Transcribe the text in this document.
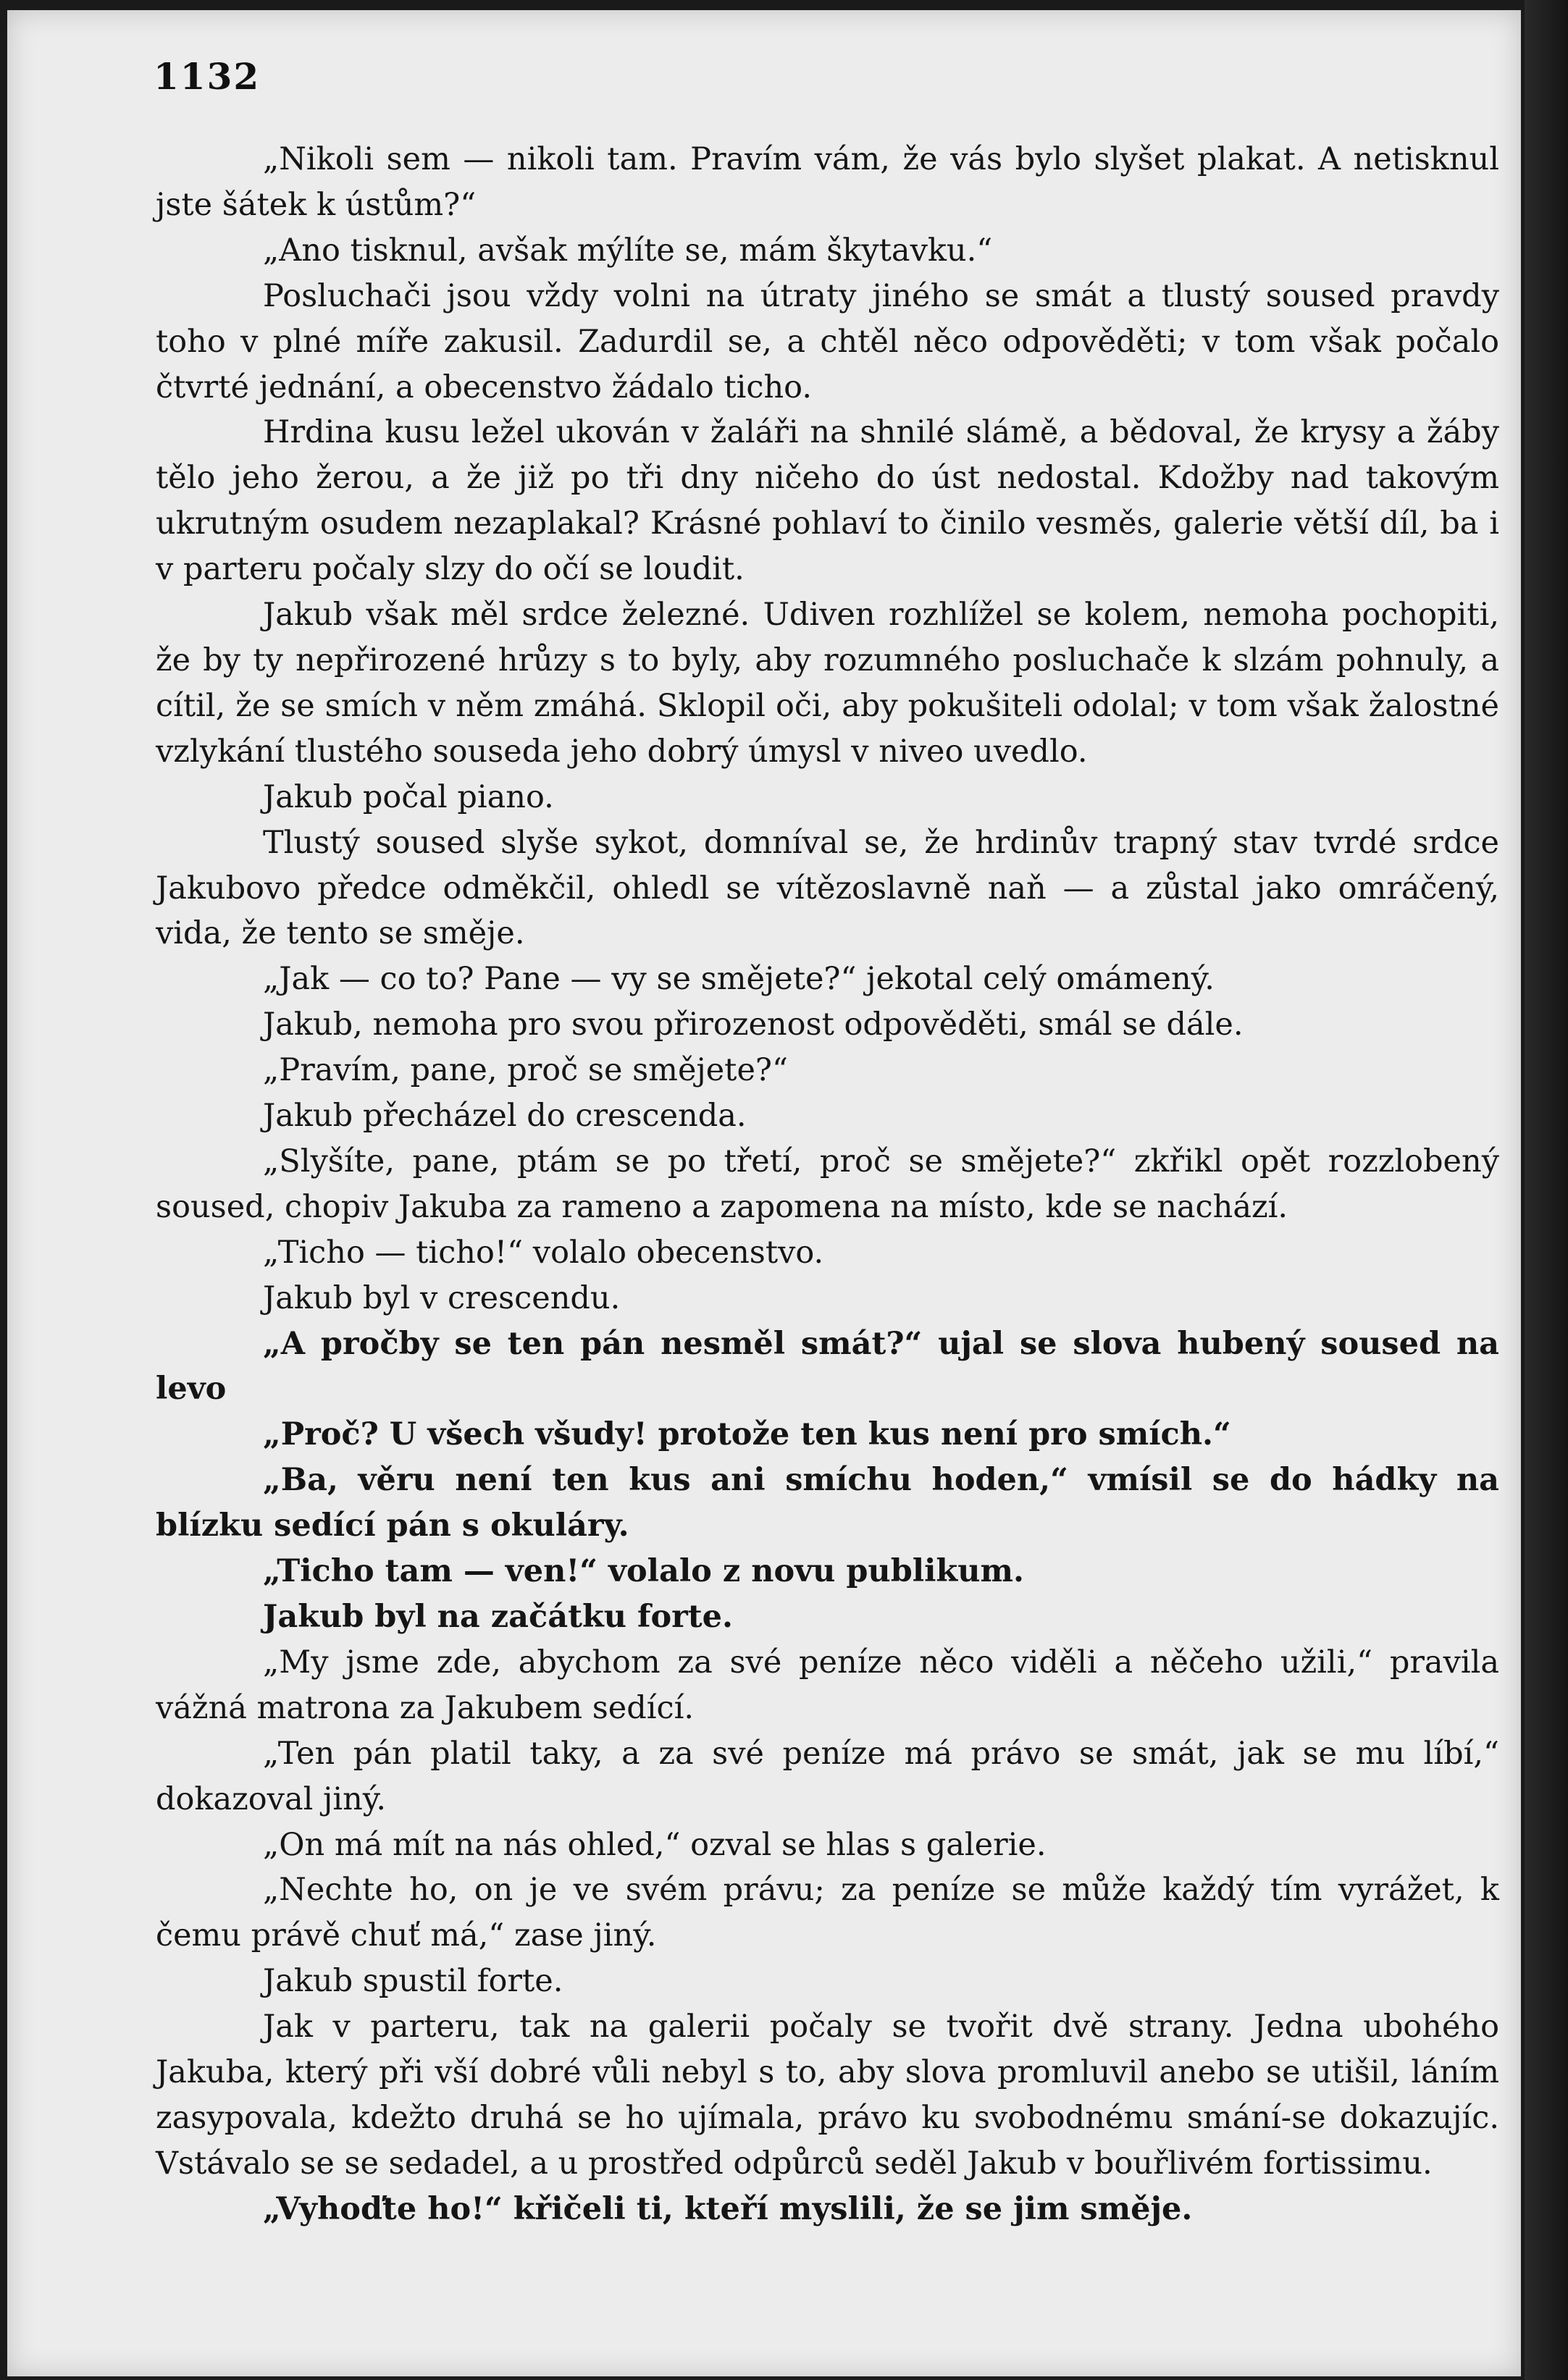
1132

„Nikoli sem — nikoli tam. Pravím vám, že vás bylo slyšet plakat. A netisknul jste šátek k ústům?“

„Ano tisknul, avšak mýlíte se, mám škytavku.“

Posluchači jsou vždy volni na útraty jiného se smát a tlustý soused pravdy toho v plné míře zakusil. Zadurdil se, a chtěl něco odpověděti; v tom však počalo čtvrté jednání, a obecenstvo žádalo ticho.

Hrdina kusu ležel ukován v žaláři na shnilé slámě, a bědoval, že krysy a žáby tělo jeho žerou, a že již po tři dny ničeho do úst nedostal. Kdožby nad takovým ukrutným osudem nezaplakal? Krásné pohlaví to činilo vesměs, galerie větší díl, ba i v parteru počaly slzy do očí se loudit.

Jakub však měl srdce železné. Udiven rozhlížel se kolem, nemoha pochopiti, že by ty nepřirozené hrůzy s to byly, aby rozumného posluchače k slzám pohnuly, a cítil, že se smích v něm zmáhá. Sklopil oči, aby pokušiteli odolal; v tom však žalostné vzlykání tlustého souseda jeho dobrý úmysl v niveo uvedlo.

Jakub počal piano.

Tlustý soused slyše sykot, domníval se, že hrdinův trapný stav tvrdé srdce Jakubovo předce odměkčil, ohledl se vítězoslavně naň — a zůstal jako omráčený, vida, že tento se směje.

„Jak — co to? Pane — vy se smějete?“ jekotal celý omámený.

Jakub, nemoha pro svou přirozenost odpověděti, smál se dále.

„Pravím, pane, proč se smějete?“

Jakub přecházel do crescenda.

„Slyšíte, pane, ptám se po třetí, proč se smějete?“ zkřikl opět rozzlobený soused, chopiv Jakuba za rameno a zapomena na místo, kde se nachází.

„Ticho — ticho!“ volalo obecenstvo.

Jakub byl v crescendu.

„A pročby se ten pán nesměl smát?“ ujal se slova hubený soused na levo

„Proč? U všech všudy! protože ten kus není pro smích.“

„Ba, věru není ten kus ani smíchu hoden,“ vmísil se do hádky na blízku sedící pán s okuláry.

„Ticho tam — ven!“ volalo z novu publikum.

Jakub byl na začátku forte.

„My jsme zde, abychom za své peníze něco viděli a něčeho užili,“ pravila vážná matrona za Jakubem sedící.

„Ten pán platil taky, a za své peníze má právo se smát, jak se mu líbí,“ dokazoval jiný.

„On má mít na nás ohled,“ ozval se hlas s galerie.

„Nechte ho, on je ve svém právu; za peníze se může každý tím vyrážet, k čemu právě chuť má,“ zase jiný.

Jakub spustil forte.

Jak v parteru, tak na galerii počaly se tvořit dvě strany. Jedna ubohého Jakuba, který při vší dobré vůli nebyl s to, aby slova promluvil anebo se utišil, láním zasypovala, kdežto druhá se ho ujímala, právo ku svobodnému smání-se dokazujíc. Vstávalo se se sedadel, a u prostřed odpůrců seděl Jakub v bouřlivém fortissimu.

„Vyhoďte ho!“ křičeli ti, kteří myslili, že se jim směje.
